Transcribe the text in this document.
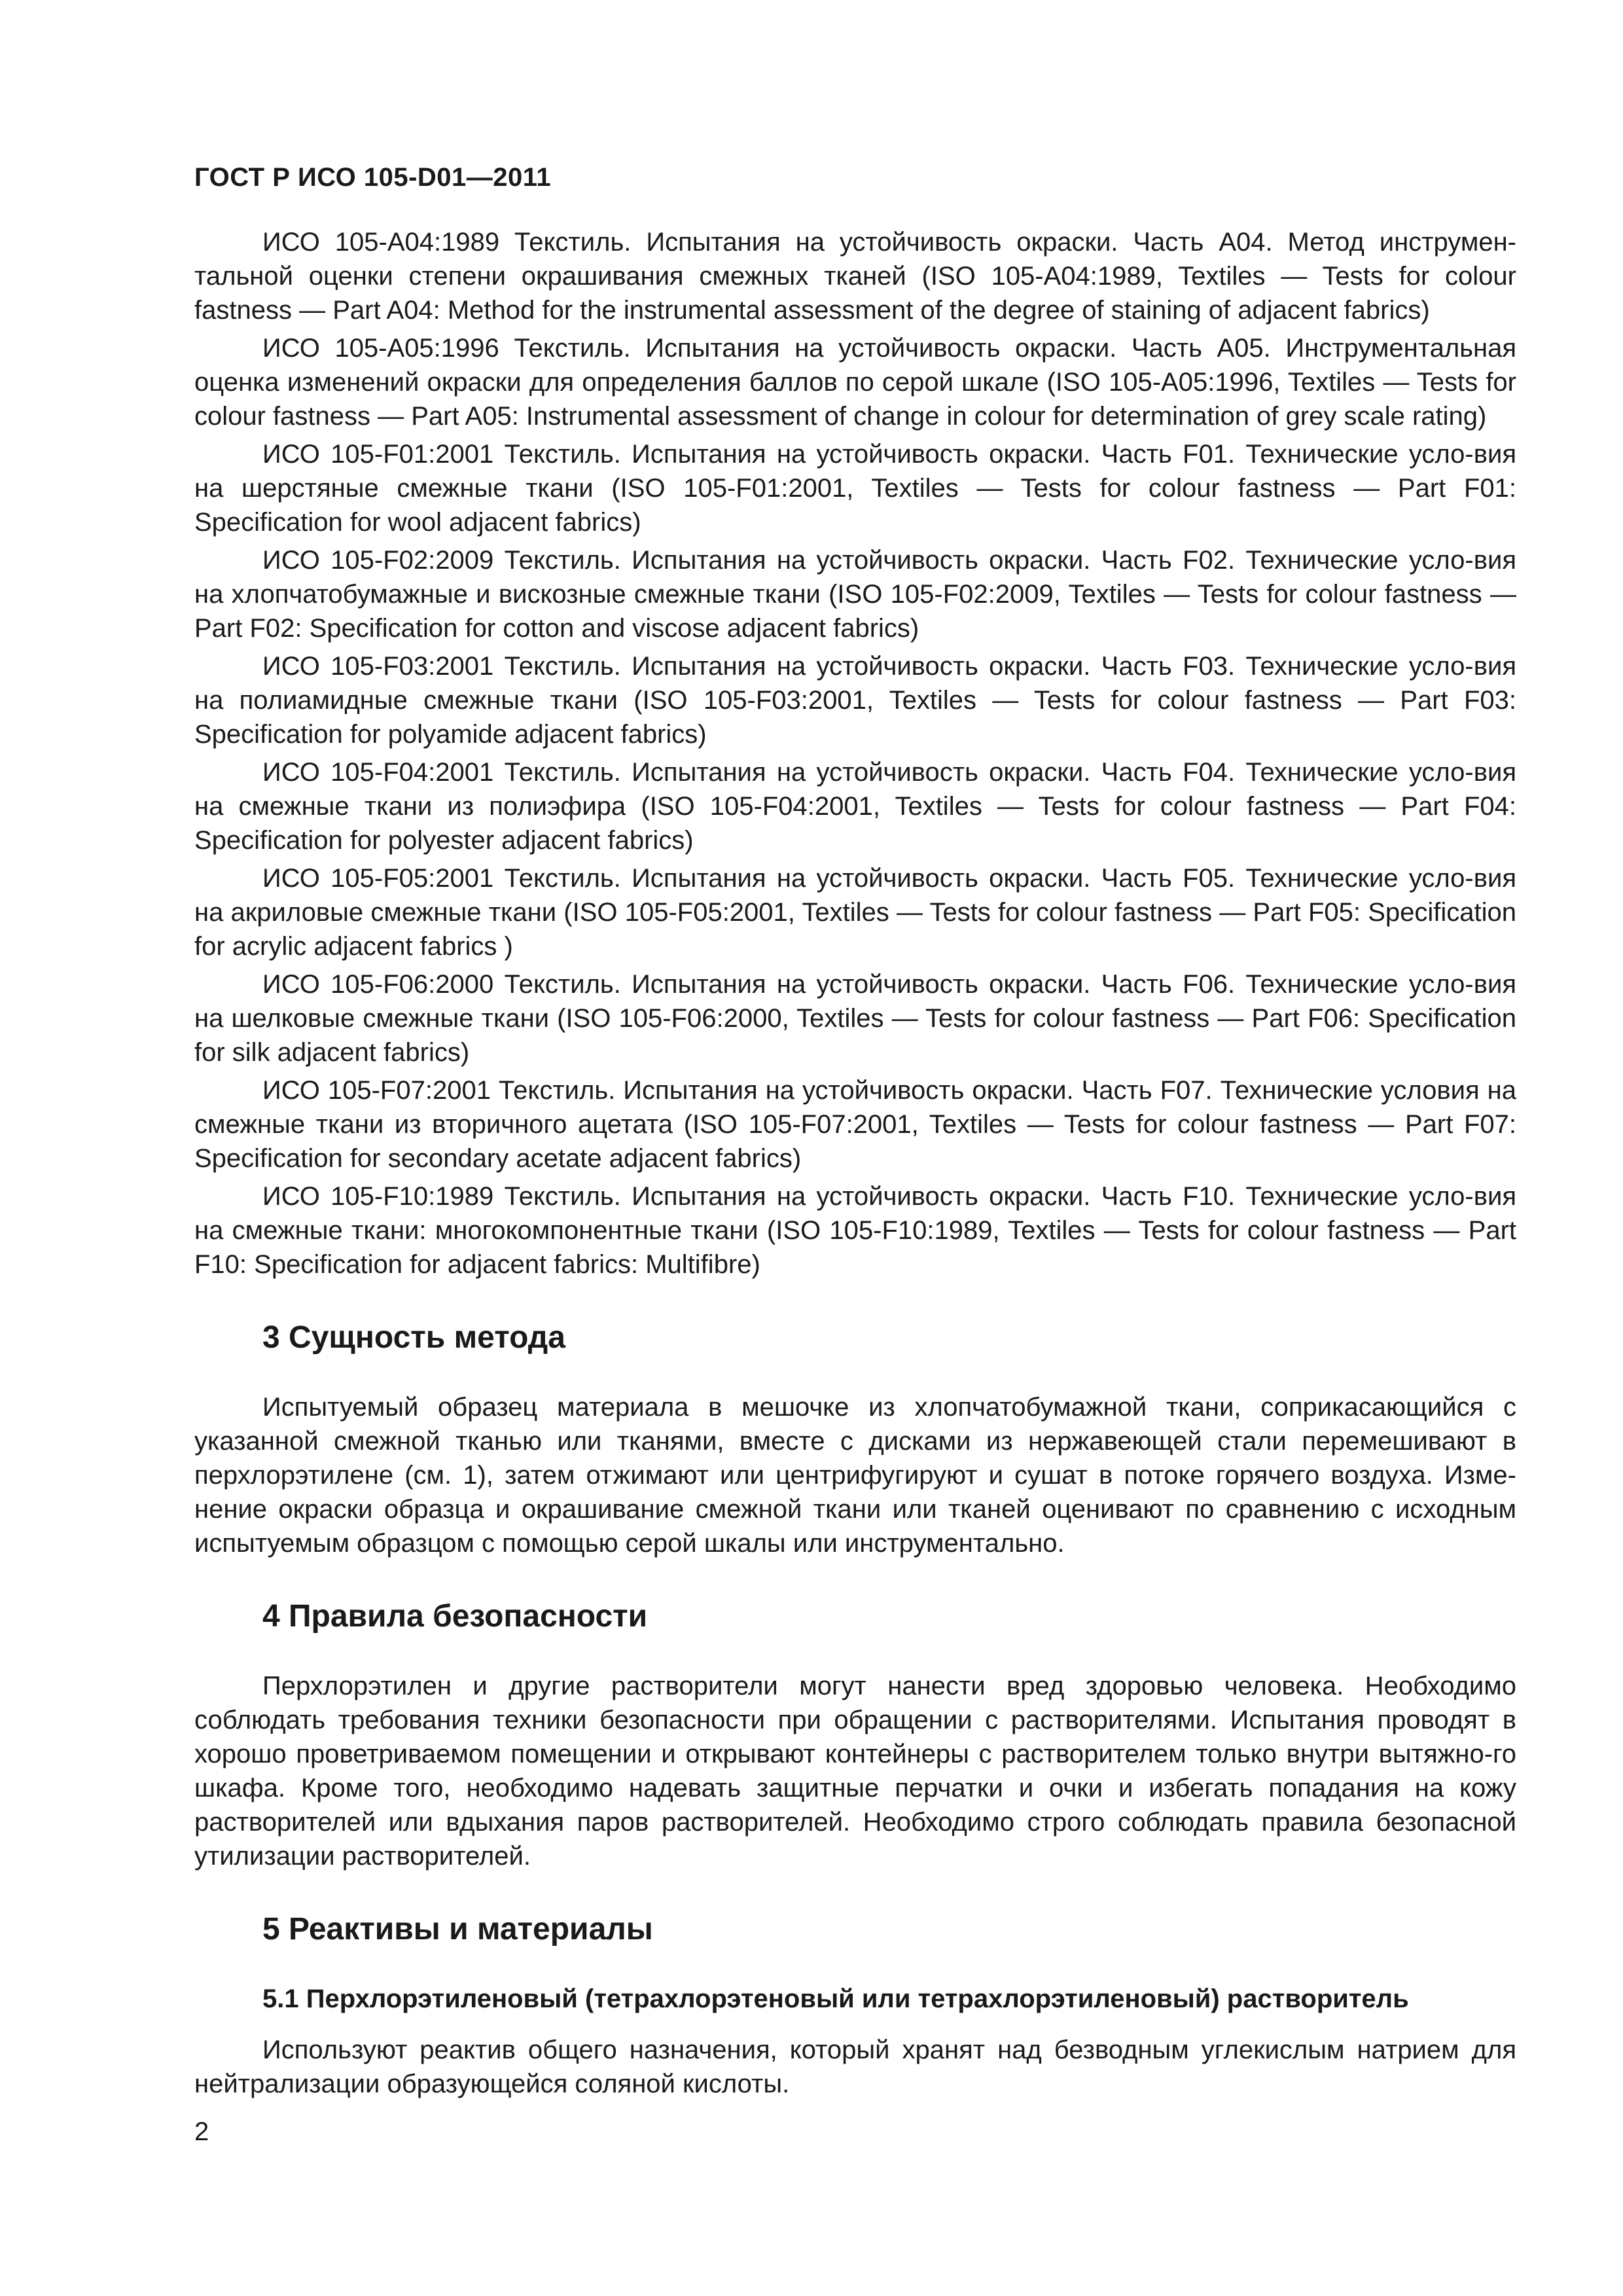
ГОСТ Р ИСО 105-D01—2011

ИСО 105-A04:1989 Текстиль. Испытания на устойчивость окраски. Часть A04. Метод инструмен-тальной оценки степени окрашивания смежных тканей (ISO 105-A04:1989, Textiles — Tests for colour fastness — Part A04: Method for the instrumental assessment of the degree of staining of adjacent fabrics)

ИСО 105-A05:1996 Текстиль. Испытания на устойчивость окраски. Часть A05. Инструментальная оценка изменений окраски для определения баллов по серой шкале (ISO 105-A05:1996, Textiles — Tests for colour fastness — Part A05: Instrumental assessment of change in colour for determination of grey scale rating)

ИСО 105-F01:2001 Текстиль. Испытания на устойчивость окраски. Часть F01. Технические усло-вия на шерстяные смежные ткани (ISO 105-F01:2001, Textiles — Tests for colour fastness — Part F01: Specification for wool adjacent fabrics)

ИСО 105-F02:2009 Текстиль. Испытания на устойчивость окраски. Часть F02. Технические усло-вия на хлопчатобумажные и вискозные смежные ткани (ISO 105-F02:2009, Textiles — Tests for colour fastness — Part F02: Specification for cotton and viscose adjacent fabrics)

ИСО 105-F03:2001 Текстиль. Испытания на устойчивость окраски. Часть F03. Технические усло-вия на полиамидные смежные ткани (ISO 105-F03:2001, Textiles — Tests for colour fastness — Part F03: Specification for polyamide adjacent fabrics)

ИСО 105-F04:2001 Текстиль. Испытания на устойчивость окраски. Часть F04. Технические усло-вия на смежные ткани из полиэфира (ISO 105-F04:2001, Textiles — Tests for colour fastness — Part F04: Specification for polyester adjacent fabrics)

ИСО 105-F05:2001 Текстиль. Испытания на устойчивость окраски. Часть F05. Технические усло-вия на акриловые смежные ткани (ISO 105-F05:2001, Textiles — Tests for colour fastness — Part F05: Specification for acrylic adjacent fabrics )

ИСО 105-F06:2000 Текстиль. Испытания на устойчивость окраски. Часть F06. Технические усло-вия на шелковые смежные ткани (ISO 105-F06:2000, Textiles — Tests for colour fastness — Part F06: Specification for silk adjacent fabrics)

ИСО 105-F07:2001 Текстиль. Испытания на устойчивость окраски. Часть F07. Технические условия на смежные ткани из вторичного ацетата (ISO 105-F07:2001, Textiles — Tests for colour fastness — Part F07: Specification for secondary acetate adjacent fabrics)

ИСО 105-F10:1989 Текстиль. Испытания на устойчивость окраски. Часть F10. Технические усло-вия на смежные ткани: многокомпонентные ткани (ISO 105-F10:1989, Textiles — Tests for colour fastness — Part F10: Specification for adjacent fabrics: Multifibre)

3 Сущность метода

Испытуемый образец материала в мешочке из хлопчатобумажной ткани, соприкасающийся с указанной смежной тканью или тканями, вместе с дисками из нержавеющей стали перемешивают в перхлорэтилене (см. 1), затем отжимают или центрифугируют и сушат в потоке горячего воздуха. Изме-нение окраски образца и окрашивание смежной ткани или тканей оценивают по сравнению с исходным испытуемым образцом с помощью серой шкалы или инструментально.

4 Правила безопасности

Перхлорэтилен и другие растворители могут нанести вред здоровью человека. Необходимо соблюдать требования техники безопасности при обращении с растворителями. Испытания проводят в хорошо проветриваемом помещении и открывают контейнеры с растворителем только внутри вытяжно-го шкафа. Кроме того, необходимо надевать защитные перчатки и очки и избегать попадания на кожу растворителей или вдыхания паров растворителей. Необходимо строго соблюдать правила безопасной утилизации растворителей.

5 Реактивы и материалы
5.1 Перхлорэтиленовый (тетрахлорэтеновый или тетрахлорэтиленовый) растворитель

Используют реактив общего назначения, который хранят над безводным углекислым натрием для нейтрализации образующейся соляной кислоты.

2
